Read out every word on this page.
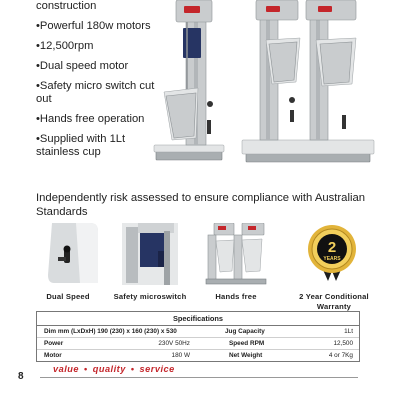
construction
•Powerful 180w motors
•12,500rpm
•Dual speed motor
•Safety micro switch cut out
•Hands free operation
•Supplied with 1Lt stainless cup
Independently risk assessed to ensure compliance with Australian Standards
2
YEARS
Dual Speed	Safety microswitch	Hands free	2 Year Conditional Warranty
Specifications
Dim mm (LxDxH) 190 (230) x 160 (230) x 530	Jug Capacity	1Lt
Power	230V 50Hz	Speed RPM	12,500
Motor	180 W	Net Weight	4 or 7Kg
8
value • quality • service
